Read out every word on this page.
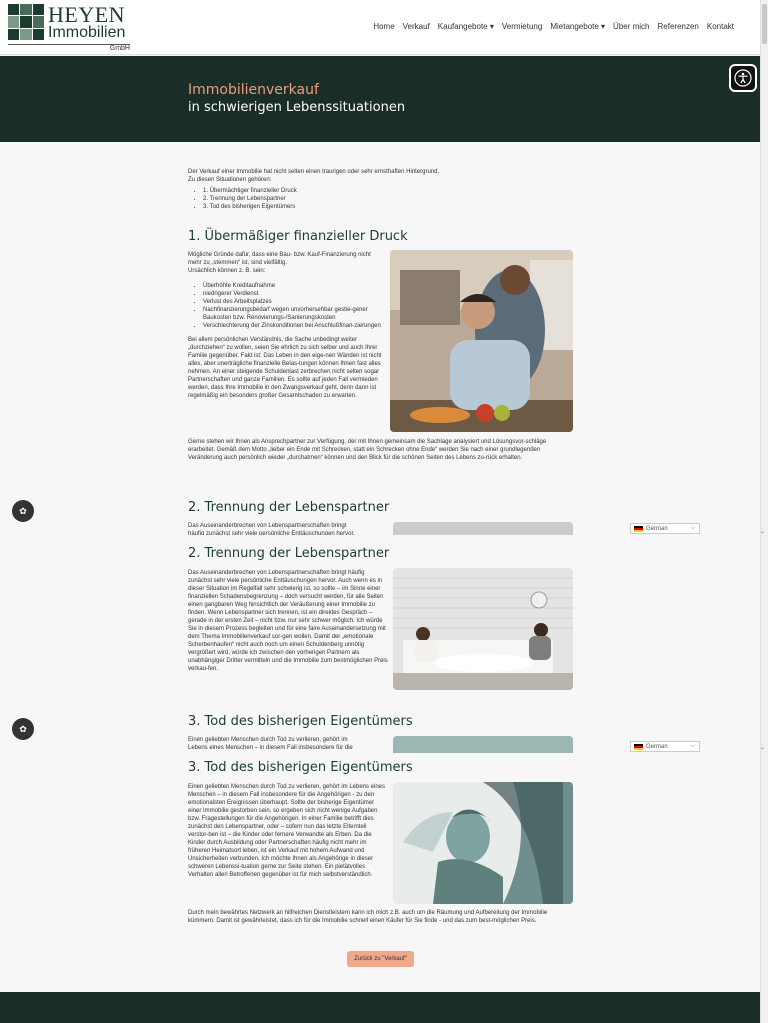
HEYEN
Immobilien
GmbH
Home	Verkauf	Kaufangebote ▾	Vermietung	Mietangebote ▾	Über mich	Referenzen	Kontakt
Immobilienverkauf
in schwierigen Lebenssituationen
Der Verkauf einer Immobilie hat nicht selten einen traurigen oder sehr ernsthaften Hintergrund.
Zu diesen Situationen gehören:
• 1. Übermächtiger finanzieller Druck
• 2. Trennung der Lebenspartner
• 3. Tod des bisherigen Eigentümers
1. Übermäßiger finanzieller Druck
Mögliche Gründe dafür, dass eine Bau- bzw. Kauf-Finanzierung nicht mehr zu „stemmen“ ist, sind vielfältig.
Ursächlich können z. B. sein:
• Überhöhte Kreditaufnahme
• niedrigerer Verdienst
• Verlust des Arbeitsplatzes
• Nachfinanzierungsbedarf wegen unvorhersehbar gestie-gener Baukosten bzw. Renovierungs-/Sanierungskosten
• Verschlechterung der Zinskonditionen bei Anschlußfinan-zierungen
Bei allem persönlichen Verständnis, die Sache unbedingt weiter „durchziehen“ zu wollen, seien Sie ehrlich zu sich selber und auch Ihrer Familie gegenüber. Fakt ist: Das Leben in den eige-nen Wänden ist nicht alles, aber unerträgliche finanzielle Belas-tungen können Ihnen fast alles nehmen. An einer steigende Schuldenlast zerbrechen nicht selten sogar Partnerschaften und ganze Familien. Es sollte auf jeden Fall vermieden werden, dass Ihre Immobilie in den Zwangsverkauf geht, denn dann ist regelmäßig ein besonders großer Gesamtschaden zu erwarten.
Gerne stehen wir Ihnen als Ansprechpartner zur Verfügung, der mit Ihnen gemeinsam die Sachlage analysiert und Lösungsvor-schläge erarbeitet. Gemäß dem Motto „lieber ein Ende mit Schrecken, statt ein Schrecken ohne Ende“ werden Sie nach einer grundlegenden Veränderung auch persönlich wieder „durchatmen“ können und den Blick für die schönen Seiten des Lebens zu-rück erhalten.
2. Trennung der Lebenspartner
Das Auseinanderbrechen von Lebenspartnerschaften bringt
häufig zunächst sehr viele persönliche Enttäuschungen hervor.
German	⌵
✿
2. Trennung der Lebenspartner
Das Auseinanderbrechen von Lebenspartnerschaften bringt häufig zunächst sehr viele persönliche Enttäuschungen hervor. Auch wenn es in dieser Situation im Regelfall sehr schwierig ist, so sollte – im Sinne einer finanziellen Schadensbegrenzung – doch versucht werden, für alle Seiten einen gangbaren Weg hinsichtlich der Veräußerung einer Immobilie zu finden. Wenn Lebenspartner sich trennen, ist ein direktes Gespräch – gerade in der ersten Zeit – nicht bzw. nur sehr schwer möglich. Ich würde Sie in diesem Prozess begleiten und für eine faire Auseinandersetzung mit dem Thema Immobilienverkauf sor-gen wollen. Damit der „emotionale Scherbenhaufen“ nicht auch noch um einen Schuldenberg unnötig vergrößert wird, würde ich zwischen den vorherigen Partnern als unabhängiger Dritter vermitteln und die Immobilie zum bestmöglichen Preis verkau-fen.
3. Tod des bisherigen Eigentümers
Einen geliebten Menschen durch Tod zu verlieren, gehört im
Lebens eines Menschen – in diesem Fall insbesondere für die	German	⌵
✿
3. Tod des bisherigen Eigentümers
Einen geliebten Menschen durch Tod zu verlieren, gehört im Lebens eines Menschen – in diesem Fall insbesondere für die Angehörigen - zu den emotionalsten Ereignissen überhaupt. Sollte der bisherige Eigentümer einer Immobilie gestorben sein, so ergeben sich nicht wenige Aufgaben bzw. Fragestellungen für die Angehörigen. In einer Familie betrifft dies zunächst den Lebenspartner, oder – sofern nun das letzte Elternteil verstor-ben ist – die Kinder oder fernere Verwandte als Erben. Da die Kinder durch Ausbildung oder Partnerschaften häufig nicht mehr im früheren Heimatsort leben, ist ein Verkauf mit hohem Aufwand und Unsicherheiten verbunden. Ich möchte Ihnen als Angehörige in dieser schweren Lebenssi-tuation gerne zur Seite stehen. Ein pietätvolles Verhalten allen Betroffenen gegenüber ist für mich selbstverständlich.
Durch mein bewährtes Netzwerk an hilfreichen Dienstleistern kann ich mich z.B. auch um die Räumung und Aufbereitung der Immobilie kümmern. Damit ist gewährleistet, dass ich für die Immobilie schnell einen Käufer für Sie finde - und das zum best-möglichen Preis.
Zurück zu "Verkauf"
⌄
⌄
